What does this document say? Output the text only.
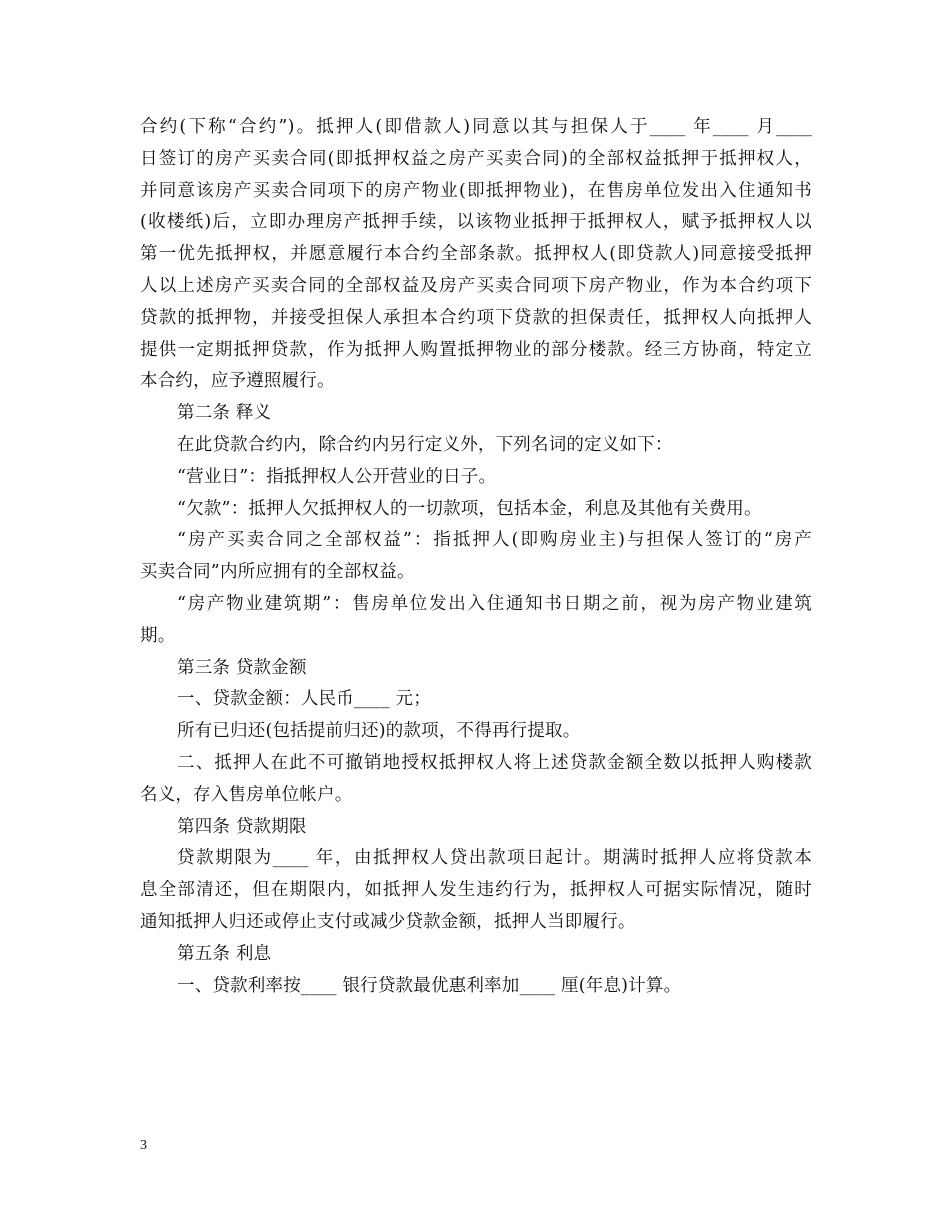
合约(下称“合约”)。抵押人(即借款人)同意以其与担保人于____ 年____ 月____
日签订的房产买卖合同(即抵押权益之房产买卖合同)的全部权益抵押于抵押权人，
并同意该房产买卖合同项下的房产物业(即抵押物业)，在售房单位发出入住通知书
(收楼纸)后，立即办理房产抵押手续，以该物业抵押于抵押权人，赋予抵押权人以
第一优先抵押权，并愿意履行本合约全部条款。抵押权人(即贷款人)同意接受抵押
人以上述房产买卖合同的全部权益及房产买卖合同项下房产物业，作为本合约项下
贷款的抵押物，并接受担保人承担本合约项下贷款的担保责任，抵押权人向抵押人
提供一定期抵押贷款，作为抵押人购置抵押物业的部分楼款。经三方协商，特定立
本合约，应予遵照履行。
第二条 释义
在此贷款合约内，除合约内另行定义外，下列名词的定义如下：
“营业日”：指抵押权人公开营业的日子。
“欠款”：抵押人欠抵押权人的一切款项，包括本金，利息及其他有关费用。
“房产买卖合同之全部权益”：指抵押人(即购房业主)与担保人签订的“房产
买卖合同”内所应拥有的全部权益。
“房产物业建筑期”：售房单位发出入住通知书日期之前，视为房产物业建筑
期。
第三条 贷款金额
一、贷款金额：人民币____ 元；
所有已归还(包括提前归还)的款项，不得再行提取。
二、抵押人在此不可撤销地授权抵押权人将上述贷款金额全数以抵押人购楼款
名义，存入售房单位帐户。
第四条 贷款期限
贷款期限为____ 年，由抵押权人贷出款项日起计。期满时抵押人应将贷款本
息全部清还，但在期限内，如抵押人发生违约行为，抵押权人可据实际情况，随时
通知抵押人归还或停止支付或减少贷款金额，抵押人当即履行。
第五条 利息
一、贷款利率按____ 银行贷款最优惠利率加____ 厘(年息)计算。
3
